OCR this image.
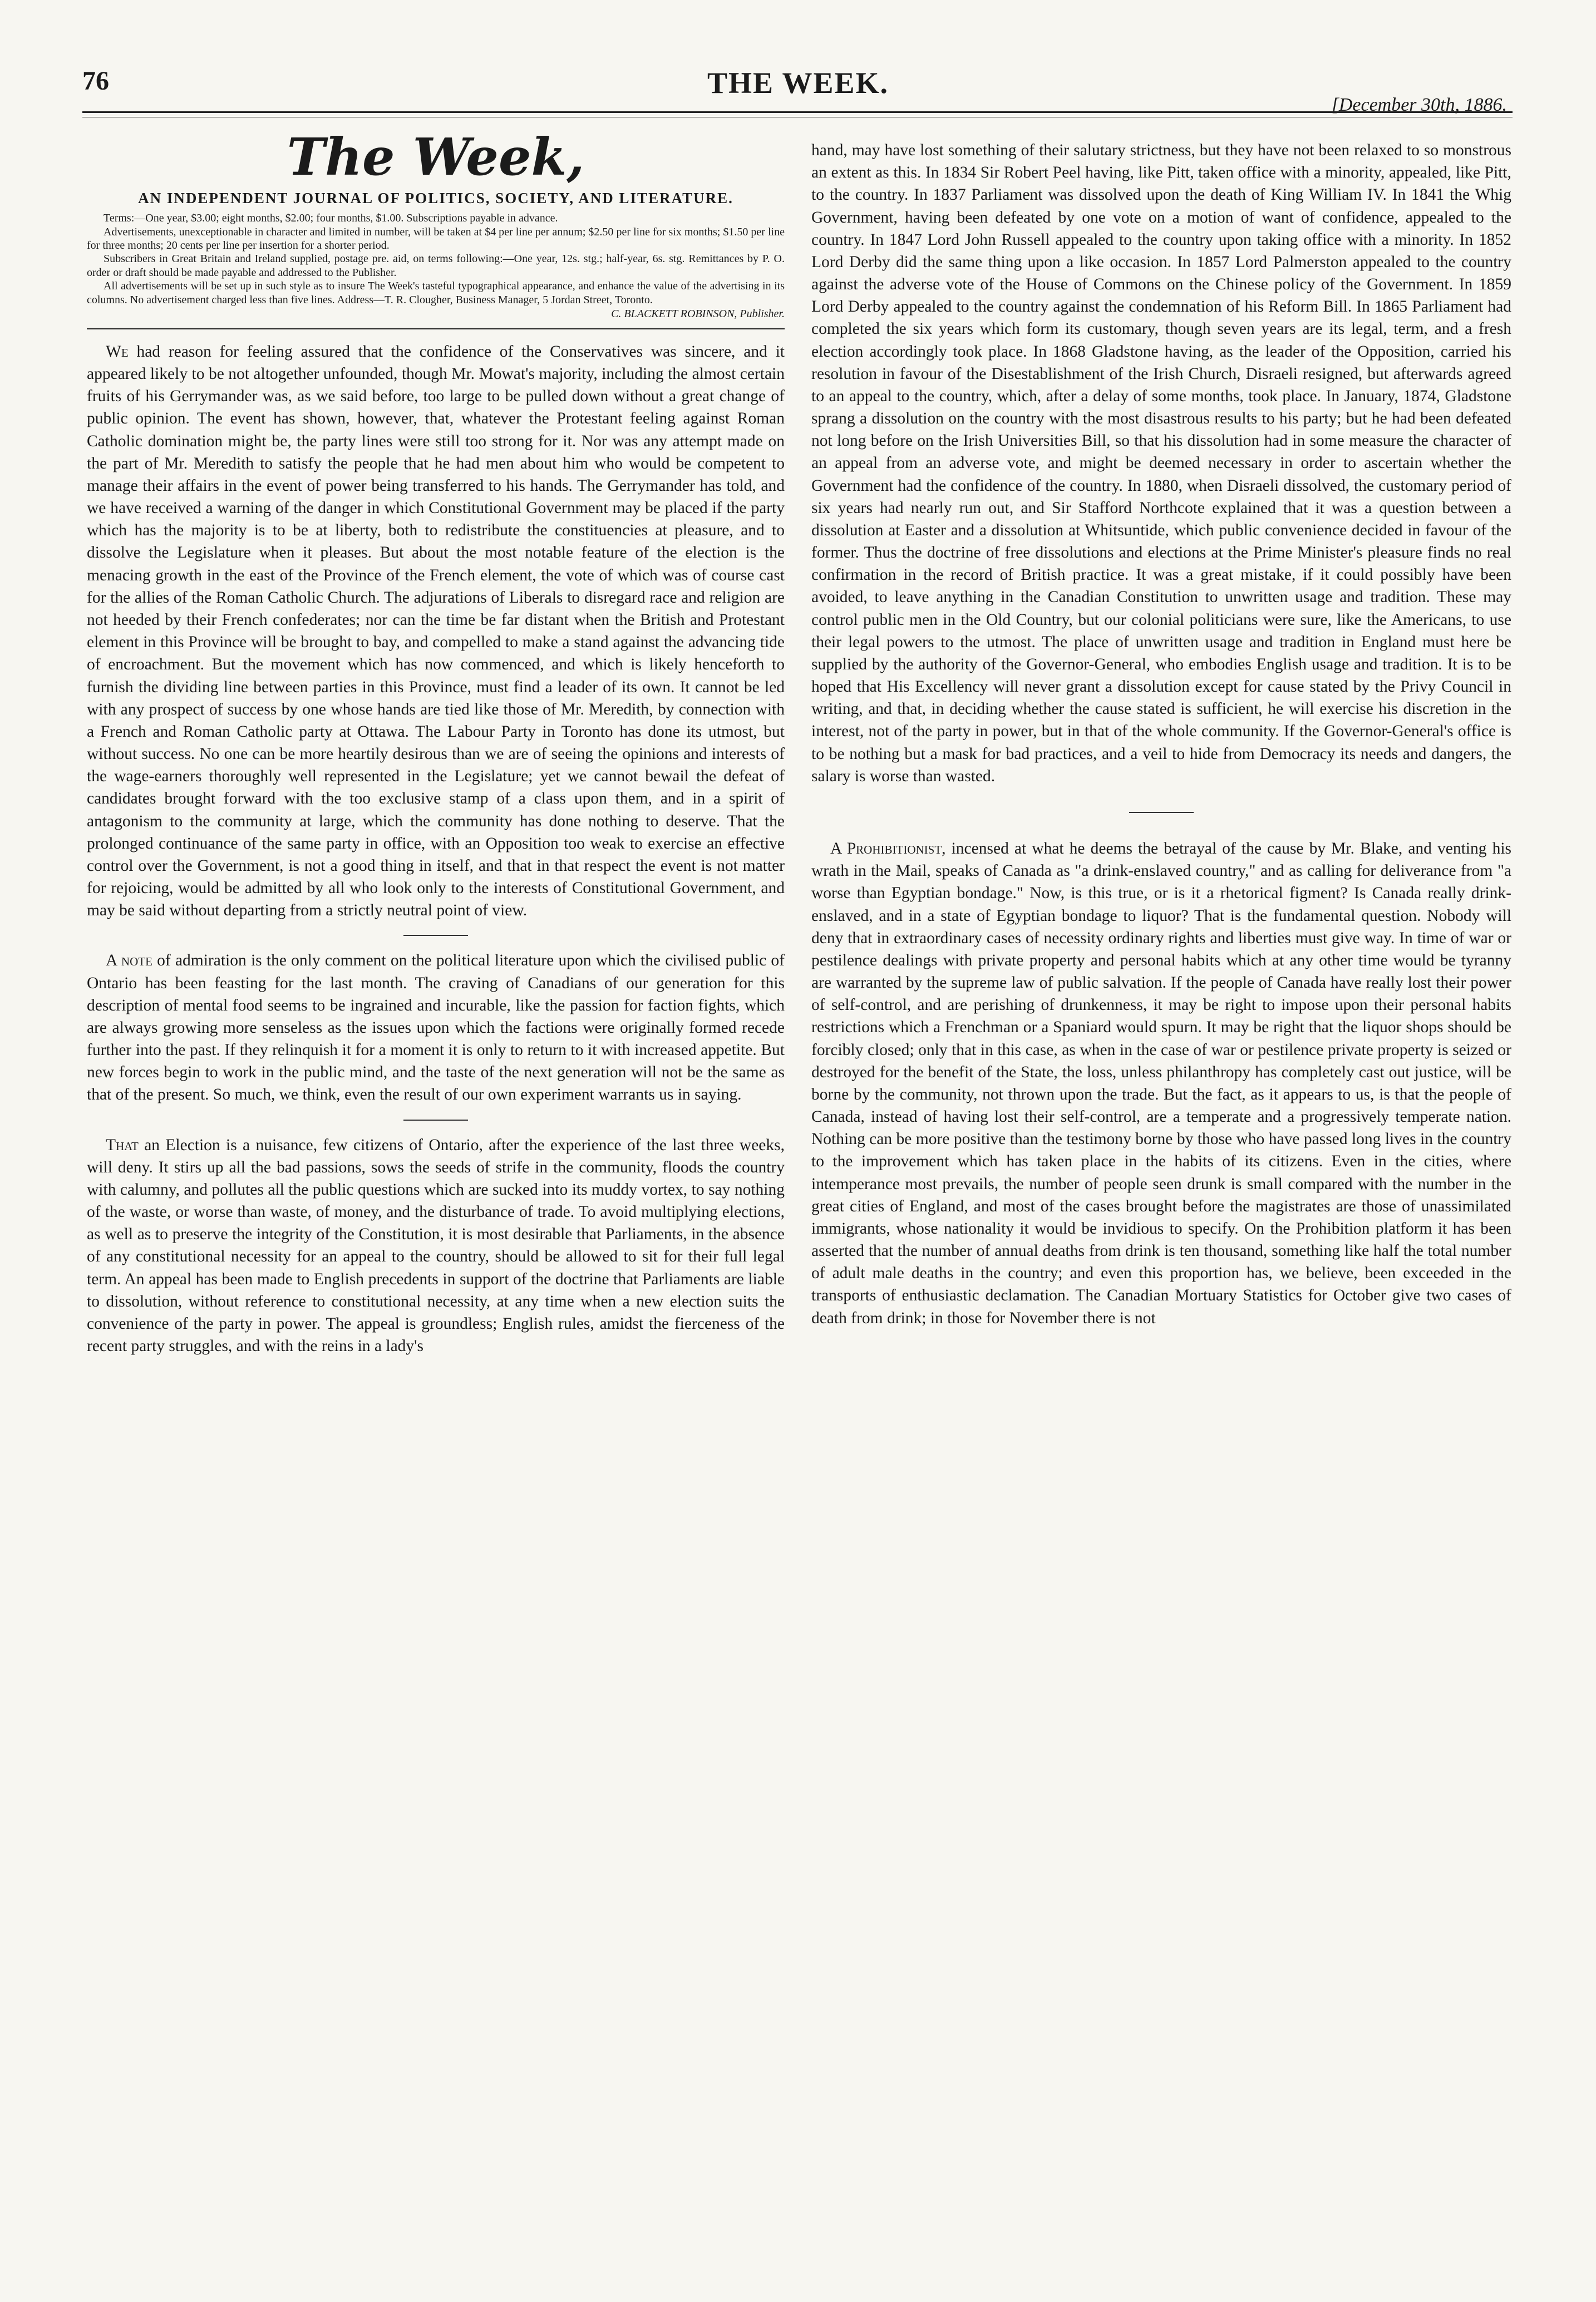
76	THE WEEK.
[December 30th, 1886.
The Week,
AN INDEPENDENT JOURNAL OF POLITICS, SOCIETY, AND LITERATURE.

Terms:—One year, $3.00; eight months, $2.00; four months, $1.00. Subscriptions payable in advance.

Advertisements, unexceptionable in character and limited in number, will be taken at $4 per line per annum; $2.50 per line for six months; $1.50 per line for three months; 20 cents per line per insertion for a shorter period.

Subscribers in Great Britain and Ireland supplied, postage pre. aid, on terms following:—One year, 12s. stg.; half-year, 6s. stg. Remittances by P. O. order or draft should be made payable and addressed to the Publisher.

All advertisements will be set up in such style as to insure The Week's tasteful typographical appearance, and enhance the value of the advertising in its columns. No advertisement charged less than five lines. Address—T. R. Clougher, Business Manager, 5 Jordan Street, Toronto.

C. BLACKETT ROBINSON, Publisher.

We had reason for feeling assured that the confidence of the Conservatives was sincere, and it appeared likely to be not altogether unfounded, though Mr. Mowat's majority, including the almost certain fruits of his Gerrymander was, as we said before, too large to be pulled down without a great change of public opinion. The event has shown, however, that, whatever the Protestant feeling against Roman Catholic domination might be, the party lines were still too strong for it. Nor was any attempt made on the part of Mr. Meredith to satisfy the people that he had men about him who would be competent to manage their affairs in the event of power being transferred to his hands. The Gerrymander has told, and we have received a warning of the danger in which Constitutional Government may be placed if the party which has the majority is to be at liberty, both to redistribute the constituencies at pleasure, and to dissolve the Legislature when it pleases. But about the most notable feature of the election is the menacing growth in the east of the Province of the French element, the vote of which was of course cast for the allies of the Roman Catholic Church. The adjurations of Liberals to disregard race and religion are not heeded by their French confederates; nor can the time be far distant when the British and Protestant element in this Province will be brought to bay, and compelled to make a stand against the advancing tide of encroachment. But the movement which has now commenced, and which is likely henceforth to furnish the dividing line between parties in this Province, must find a leader of its own. It cannot be led with any prospect of success by one whose hands are tied like those of Mr. Meredith, by connection with a French and Roman Catholic party at Ottawa. The Labour Party in Toronto has done its utmost, but without success. No one can be more heartily desirous than we are of seeing the opinions and interests of the wage-earners thoroughly well represented in the Legislature; yet we cannot bewail the defeat of candidates brought forward with the too exclusive stamp of a class upon them, and in a spirit of antagonism to the community at large, which the community has done nothing to deserve. That the prolonged continuance of the same party in office, with an Opposition too weak to exercise an effective control over the Government, is not a good thing in itself, and that in that respect the event is not matter for rejoicing, would be admitted by all who look only to the interests of Constitutional Government, and may be said without departing from a strictly neutral point of view.

A note of admiration is the only comment on the political literature upon which the civilised public of Ontario has been feasting for the last month. The craving of Canadians of our generation for this description of mental food seems to be ingrained and incurable, like the passion for faction fights, which are always growing more senseless as the issues upon which the factions were originally formed recede further into the past. If they relinquish it for a moment it is only to return to it with increased appetite. But new forces begin to work in the public mind, and the taste of the next generation will not be the same as that of the present. So much, we think, even the result of our own experiment warrants us in saying.

That an Election is a nuisance, few citizens of Ontario, after the experience of the last three weeks, will deny. It stirs up all the bad passions, sows the seeds of strife in the community, floods the country with calumny, and pollutes all the public questions which are sucked into its muddy vortex, to say nothing of the waste, or worse than waste, of money, and the disturbance of trade. To avoid multiplying elections, as well as to preserve the integrity of the Constitution, it is most desirable that Parliaments, in the absence of any constitutional necessity for an appeal to the country, should be allowed to sit for their full legal term. An appeal has been made to English precedents in support of the doctrine that Parliaments are liable to dissolution, without reference to constitutional necessity, at any time when a new election suits the convenience of the party in power. The appeal is groundless; English rules, amidst the fierceness of the recent party struggles, and with the reins in a lady's

hand, may have lost something of their salutary strictness, but they have not been relaxed to so monstrous an extent as this. In 1834 Sir Robert Peel having, like Pitt, taken office with a minority, appealed, like Pitt, to the country. In 1837 Parliament was dissolved upon the death of King William IV. In 1841 the Whig Government, having been defeated by one vote on a motion of want of confidence, appealed to the country. In 1847 Lord John Russell appealed to the country upon taking office with a minority. In 1852 Lord Derby did the same thing upon a like occasion. In 1857 Lord Palmerston appealed to the country against the adverse vote of the House of Commons on the Chinese policy of the Government. In 1859 Lord Derby appealed to the country against the condemnation of his Reform Bill. In 1865 Parliament had completed the six years which form its customary, though seven years are its legal, term, and a fresh election accordingly took place. In 1868 Gladstone having, as the leader of the Opposition, carried his resolution in favour of the Disestablishment of the Irish Church, Disraeli resigned, but afterwards agreed to an appeal to the country, which, after a delay of some months, took place. In January, 1874, Gladstone sprang a dissolution on the country with the most disastrous results to his party; but he had been defeated not long before on the Irish Universities Bill, so that his dissolution had in some measure the character of an appeal from an adverse vote, and might be deemed necessary in order to ascertain whether the Government had the confidence of the country. In 1880, when Disraeli dissolved, the customary period of six years had nearly run out, and Sir Stafford Northcote explained that it was a question between a dissolution at Easter and a dissolution at Whitsuntide, which public convenience decided in favour of the former. Thus the doctrine of free dissolutions and elections at the Prime Minister's pleasure finds no real confirmation in the record of British practice. It was a great mistake, if it could possibly have been avoided, to leave anything in the Canadian Constitution to unwritten usage and tradition. These may control public men in the Old Country, but our colonial politicians were sure, like the Americans, to use their legal powers to the utmost. The place of unwritten usage and tradition in England must here be supplied by the authority of the Governor-General, who embodies English usage and tradition. It is to be hoped that His Excellency will never grant a dissolution except for cause stated by the Privy Council in writing, and that, in deciding whether the cause stated is sufficient, he will exercise his discretion in the interest, not of the party in power, but in that of the whole community. If the Governor-General's office is to be nothing but a mask for bad practices, and a veil to hide from Democracy its needs and dangers, the salary is worse than wasted.

A Prohibitionist, incensed at what he deems the betrayal of the cause by Mr. Blake, and venting his wrath in the Mail, speaks of Canada as "a drink-enslaved country," and as calling for deliverance from "a worse than Egyptian bondage." Now, is this true, or is it a rhetorical figment? Is Canada really drink-enslaved, and in a state of Egyptian bondage to liquor? That is the fundamental question. Nobody will deny that in extraordinary cases of necessity ordinary rights and liberties must give way. In time of war or pestilence dealings with private property and personal habits which at any other time would be tyranny are warranted by the supreme law of public salvation. If the people of Canada have really lost their power of self-control, and are perishing of drunkenness, it may be right to impose upon their personal habits restrictions which a Frenchman or a Spaniard would spurn. It may be right that the liquor shops should be forcibly closed; only that in this case, as when in the case of war or pestilence private property is seized or destroyed for the benefit of the State, the loss, unless philanthropy has completely cast out justice, will be borne by the community, not thrown upon the trade. But the fact, as it appears to us, is that the people of Canada, instead of having lost their self-control, are a temperate and a progressively temperate nation. Nothing can be more positive than the testimony borne by those who have passed long lives in the country to the improvement which has taken place in the habits of its citizens. Even in the cities, where intemperance most prevails, the number of people seen drunk is small compared with the number in the great cities of England, and most of the cases brought before the magistrates are those of unassimilated immigrants, whose nationality it would be invidious to specify. On the Prohibition platform it has been asserted that the number of annual deaths from drink is ten thousand, something like half the total number of adult male deaths in the country; and even this proportion has, we believe, been exceeded in the transports of enthusiastic declamation. The Canadian Mortuary Statistics for October give two cases of death from drink; in those for November there is not
